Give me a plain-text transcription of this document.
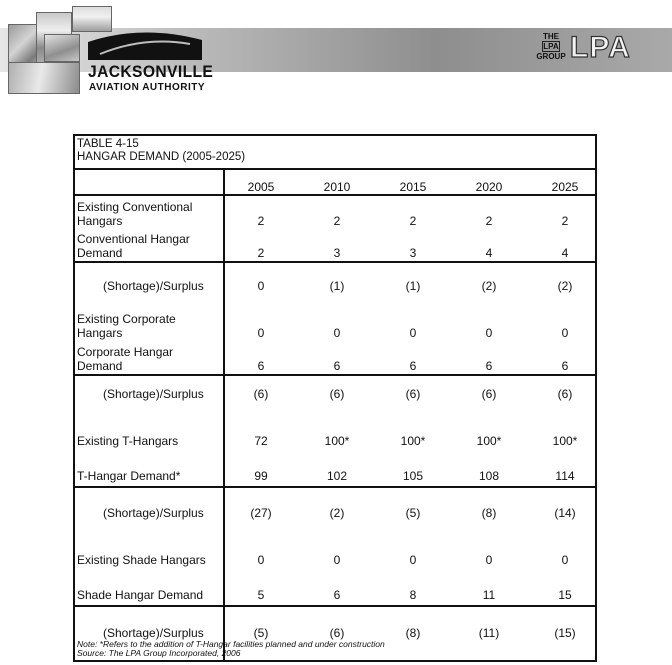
JACKSONVILLE
AVIATION AUTHORITY
THE
LPA
GROUP LPA
TABLE 4-15
HANGAR DEMAND (2005-2025)
2005	2010	2015	2020	2025
Existing Conventional
Hangars	2	2	2	2	2
Conventional Hangar
Demand	2	3	3	4	4
(Shortage)/Surplus	0	(1)	(1)	(2)	(2)
Existing Corporate
Hangars	0	0	0	0	0
Corporate Hangar
Demand	6	6	6	6	6
(Shortage)/Surplus	(6)	(6)	(6)	(6)	(6)
Existing T-Hangars	72	100*	100*	100*	100*
T-Hangar Demand*	99	102	105	108	114
(Shortage)/Surplus	(27)	(2)	(5)	(8)	(14)
Existing Shade Hangars	0	0	0	0	0
Shade Hangar Demand	5	6	8	11	15
(Shortage)/Surplus	(5)	(6)	(8)	(11)	(15)
Note: *Refers to the addition of T-Hangar facilities planned and under construction
Source: The LPA Group Incorporated, 2006
